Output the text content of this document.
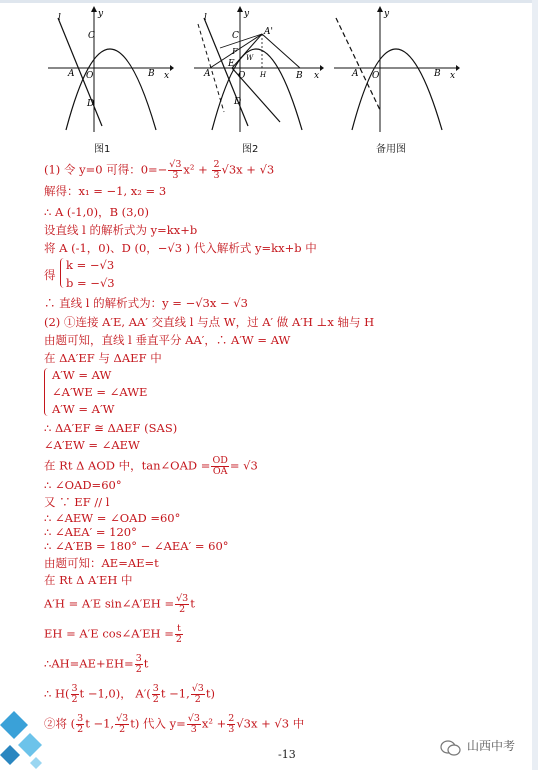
l	y
x
C
A O	B
D
图1
l	y
x
C	A'
F
E
W
A	O H	B
D
图2
y
x
A O	B
备用图
(1) 令 y=0 可得：$0=- \frac{√3}{3} x^2 + \frac{2}{3} √3x + √3$
解得：x₁ = −1, x₂ = 3
∴ A (-1,0)，B (3,0)
设直线 l 的解析式为 y=kx+b
将 A (-1，0)、D (0，−√3 ) 代入解析式 y=kx+b 中
得
k = −√3
b = −√3
∴ 直线 l 的解析式为：y = −√3x − √3
(2) ①连接 A′E, AA′ 交直线 l 与点 W，过 A′ 做 A′H ⊥x 轴与 H
由题可知，直线 l 垂直平分 AA′，∴ A′W = AW
在 ΔA′EF 与 ΔAEF 中
A′W = AW
∠A′WE = ∠AWE
A′W = A′W
∴ ΔA′EF ≅ ΔAEF (SAS)
∠A′EW = ∠AEW
在 Rt Δ AOD 中，tan∠OAD = $\frac{OD}{OA} = √3$
∴ ∠OAD=60°
又 ∵ EF // l
∴ ∠AEW = ∠OAD =60°
∴ ∠AEA′ = 120°
∴ ∠A′EB = 180° − ∠AEA′ = 60°
由题可知：AE=AE=t
在 Rt Δ A′EH 中
A′H = A′E sin∠A′EH = $\frac{√3}{2}$ t
EH = A′E cos∠A′EH = $\frac{t}{2}$
∴AH=AE+EH= $\frac{3}{2}$ t
∴ $H( \frac{3}{2}$ t −1,0)， $A'( \frac{3}{2}$ t −1, $\frac{√3}{2} t$)
②将 ( $\frac{3}{2}$ t −1, $\frac{√3}{2} t$) 代入 $y= \frac{√3}{3} x^2 + \frac{2}{3} √3x + √3$ 中
-13
山西中考
